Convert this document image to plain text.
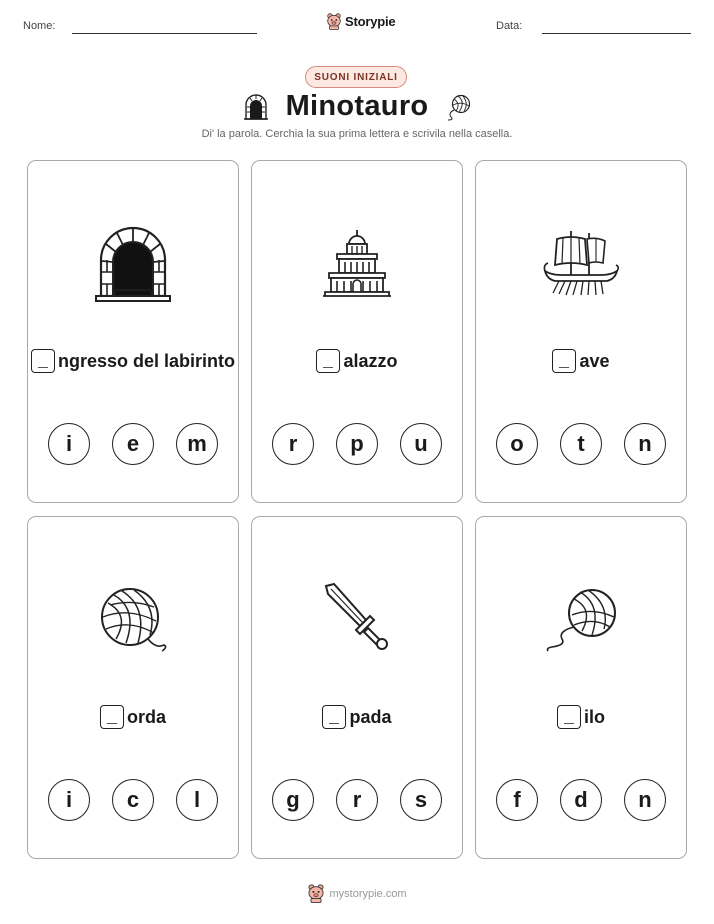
Nome:	Storypie	Data:
SUONI INIZIALI
Minotauro
Di' la parola. Cerchia la sua prima lettera e scrivila nella casella.
ngresso del labirinto
i	e	m
alazzo
r	p	u
ave
o	t	n
orda
i	c	l
pada
g	r	s
ilo
f	d	n
mystorypie.com
